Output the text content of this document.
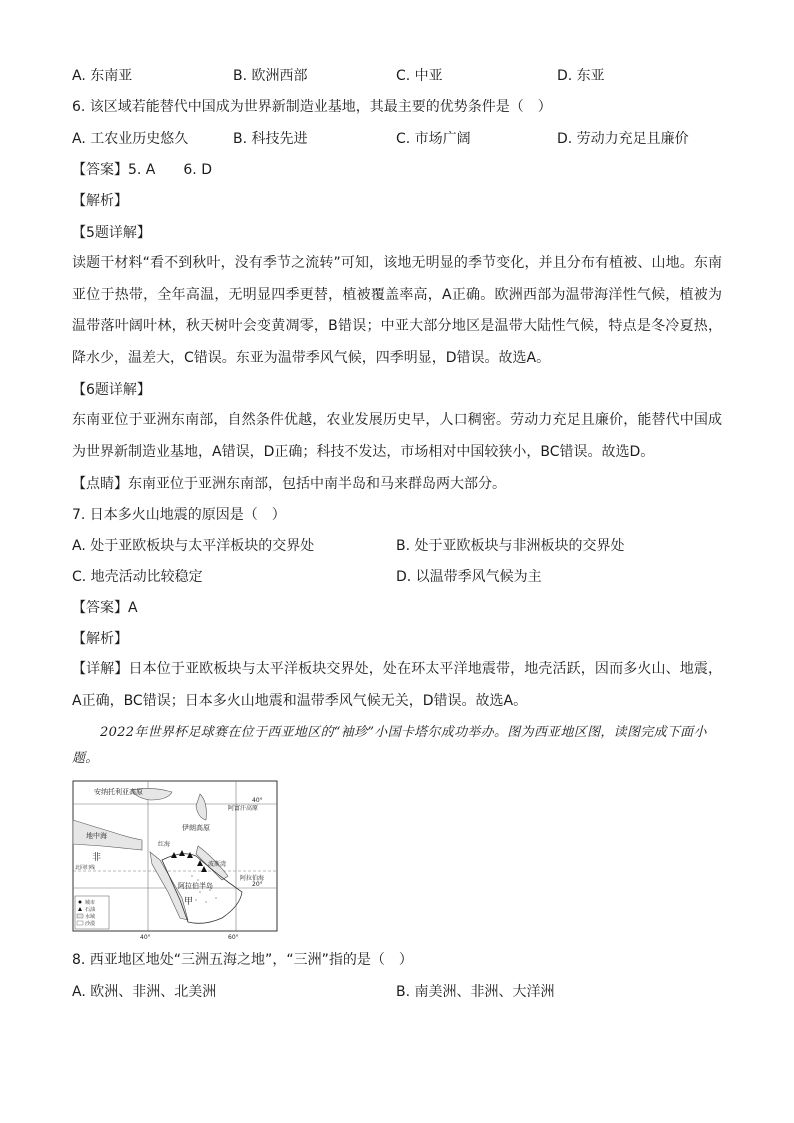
A. 东南亚	B. 欧洲西部	C. 中亚	D. 东亚
6. 该区域若能替代中国成为世界新制造业基地，其最主要的优势条件是（　）
A. 工农业历史悠久	B. 科技先进	C. 市场广阔	D. 劳动力充足且廉价
【答案】5. A　　6. D
【解析】
【5题详解】
读题干材料“看不到秋叶，没有季节之流转”可知，该地无明显的季节变化，并且分布有植被、山地。东南亚位于热带，全年高温，无明显四季更替，植被覆盖率高，A正确。欧洲西部为温带海洋性气候，植被为温带落叶阔叶林，秋天树叶会变黄凋零，B错误；中亚大部分地区是温带大陆性气候，特点是冬冷夏热，降水少，温差大，C错误。东亚为温带季风气候，四季明显，D错误。故选A。
【6题详解】
东南亚位于亚洲东南部，自然条件优越，农业发展历史早，人口稠密。劳动力充足且廉价，能替代中国成为世界新制造业基地，A错误，D正确；科技不发达，市场相对中国较狭小，BC错误。故选D。
【点睛】东南亚位于亚洲东南部，包括中南半岛和马来群岛两大部分。
7. 日本多火山地震的原因是（　）
A. 处于亚欧板块与太平洋板块的交界处	B. 处于亚欧板块与非洲板块的交界处
C. 地壳活动比较稳定	D. 以温带季风气候为主
【答案】A
【解析】
【详解】日本位于亚欧板块与太平洋板块交界处，处在环太平洋地震带，地壳活跃，因而多火山、地震，A正确，BC错误；日本多火山地震和温带季风气候无关，D错误。故选A。
2022年世界杯足球赛在位于西亚地区的“袖珍”小国卡塔尔成功举办。图为西亚地区图，读图完成下面小题。
安纳托利亚高原
地中海
伊朗高原
阿富汗高原
阿拉伯半岛
甲
红海
波斯湾
阿拉伯海
非
北回归线
40°
20°
40°	60°
城市
石油
水域
沙漠
8. 西亚地区地处“三洲五海之地”，“三洲”指的是（　）
A. 欧洲、非洲、北美洲	B. 南美洲、非洲、大洋洲
